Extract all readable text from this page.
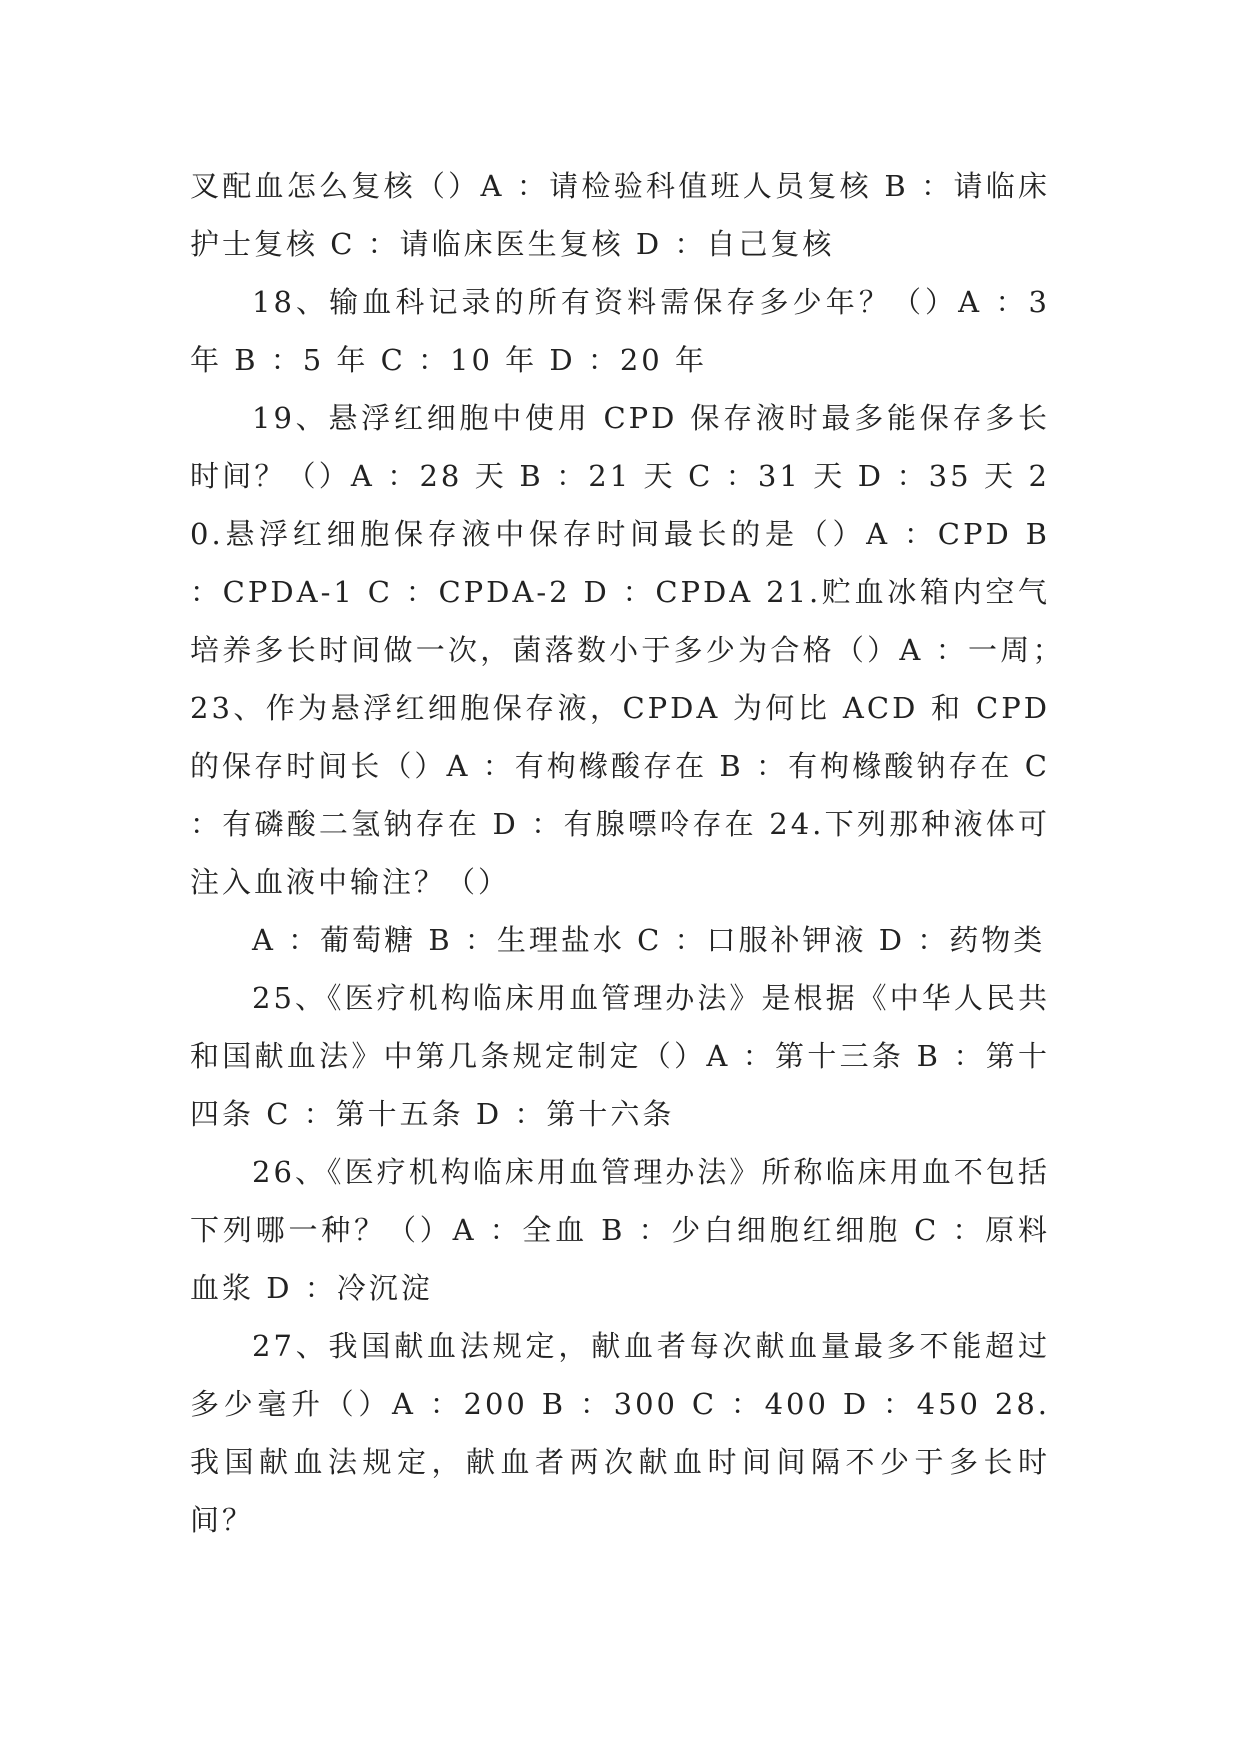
叉配血怎么复核（）A ：请检验科值班人员复核 B ：请临床护士复核 C ：请临床医生复核 D ：自己复核

18、输血科记录的所有资料需保存多少年？（）A ：3 年 B ：5 年 C ：10 年 D ：20 年

19、悬浮红细胞中使用 CPD 保存液时最多能保存多长时间？（）A ：28 天 B ：21 天 C ：31 天 D ：35 天 20.悬浮红细胞保存液中保存时间最长的是（）A ：CPD B ：CPDA-1 C ：CPDA-2 D ：CPDA 21.贮血冰箱内空气培养多长时间做一次，菌落数小于多少为合格（）A ：一周；　　23、作为悬浮红细胞保存液，CPDA 为何比 ACD 和 CPD 的保存时间长（）A ：有枸橼酸存在 B ：有枸橼酸钠存在 C ：有磷酸二氢钠存在 D ：有腺嘌呤存在 24.下列那种液体可注入血液中输注？（）

A ：葡萄糖 B ：生理盐水 C ：口服补钾液 D ：药物类

25、《医疗机构临床用血管理办法》是根据《中华人民共和国献血法》中第几条规定制定（）A ：第十三条 B ：第十四条 C ：第十五条 D ：第十六条

26、《医疗机构临床用血管理办法》所称临床用血不包括下列哪一种？（）A ：全血 B ：少白细胞红细胞 C ：原料血浆 D ：冷沉淀

27、我国献血法规定，献血者每次献血量最多不能超过多少毫升（）A ：200 B ：300 C ：400 D ：450 28.我国献血法规定，献血者两次献血时间间隔不少于多长时间？
